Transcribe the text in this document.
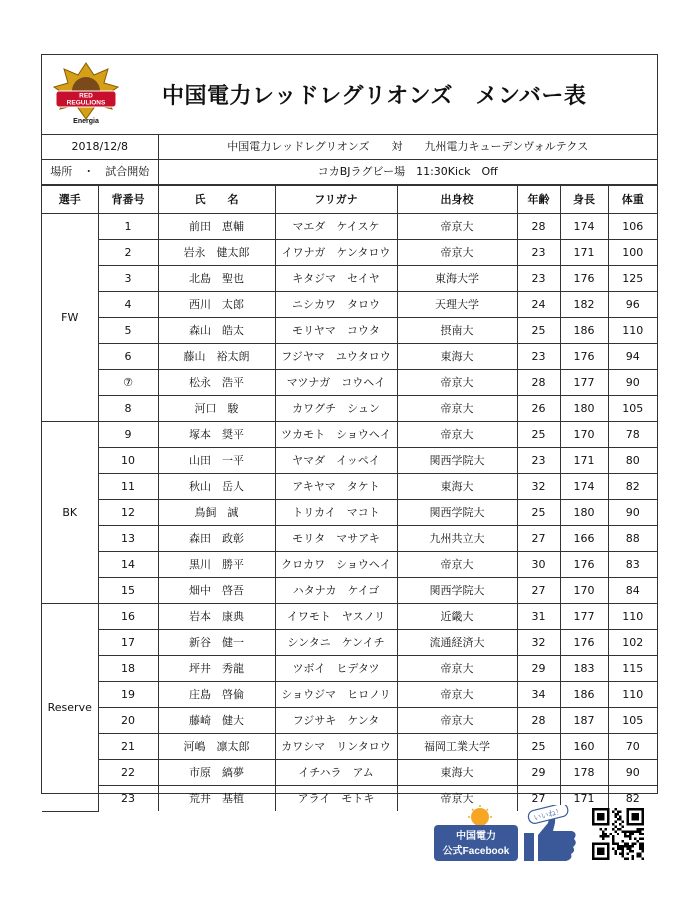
RED
REGULIONS
Energia
中国電力レッドレグリオンズ　メンバー表
2018/12/8	中国電力レッドレグリオンズ　　対　　九州電力キューデンヴォルテクス
場所　・　試合開始	コカBJラグビー場　11:30Kick　Off
選手	背番号	氏　　名	フリガナ	出身校	年齢	身長	体重
FW	1	前田　恵輔	マエダ　ケイスケ	帝京大	28	174	106
	2	岩永　健太郎	イワナガ　ケンタロウ	帝京大	23	171	100
	3	北島　聖也	キタジマ　セイヤ	東海大学	23	176	125
	4	西川　太郎	ニシカワ　タロウ	天理大学	24	182	96
	5	森山　皓太	モリヤマ　コウタ	摂南大	25	186	110
	6	藤山　裕太朗	フジヤマ　ユウタロウ	東海大	23	176	94
	⑦	松永　浩平	マツナガ　コウヘイ	帝京大	28	177	90
	8	河口　駿	カワグチ　シュン	帝京大	26	180	105
BK	9	塚本　奨平	ツカモト　ショウヘイ	帝京大	25	170	78
	10	山田　一平	ヤマダ　イッペイ	関西学院大	23	171	80
	11	秋山　岳人	アキヤマ　タケト	東海大	32	174	82
	12	鳥飼　誠	トリカイ　マコト	関西学院大	25	180	90
	13	森田　政彰	モリタ　マサアキ	九州共立大	27	166	88
	14	黒川　勝平	クロカワ　ショウヘイ	帝京大	30	176	83
	15	畑中　啓吾	ハタナカ　ケイゴ	関西学院大	27	170	84
Reserve	16	岩本　康典	イワモト　ヤスノリ	近畿大	31	177	110
	17	新谷　健一	シンタニ　ケンイチ	流通経済大	32	176	102
	18	坪井　秀龍	ツボイ　ヒデタツ	帝京大	29	183	115
	19	庄島　啓倫	ショウジマ　ヒロノリ	帝京大	34	186	110
	20	藤崎　健大	フジサキ　ケンタ	帝京大	28	187	105
	21	河嶋　凛太郎	カワシマ　リンタロウ	福岡工業大学	25	160	70
	22	市原　縞夢	イチハラ　アム	東海大	29	178	90
	23	荒井　基植	アライ　モトキ	帝京大	27	171	82
中国電力
公式Facebook
いいね！
